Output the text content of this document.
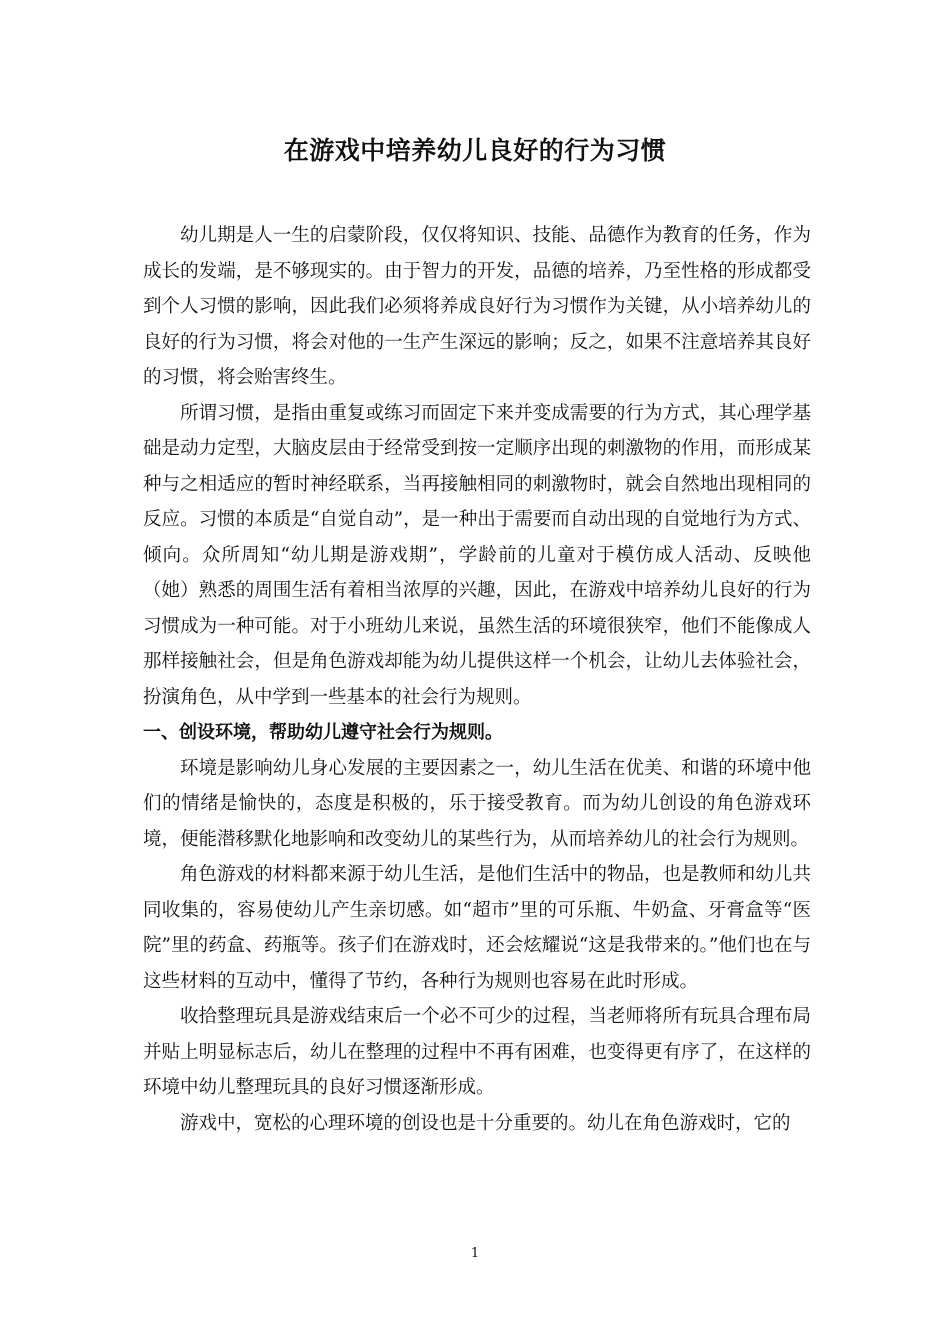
在游戏中培养幼儿良好的行为习惯

幼儿期是人一生的启蒙阶段，仅仅将知识、技能、品德作为教育的任务，作为成长的发端，是不够现实的。由于智力的开发，品德的培养，乃至性格的形成都受到个人习惯的影响，因此我们必须将养成良好行为习惯作为关键，从小培养幼儿的良好的行为习惯，将会对他的一生产生深远的影响；反之，如果不注意培养其良好的习惯，将会贻害终生。

所谓习惯，是指由重复或练习而固定下来并变成需要的行为方式，其心理学基础是动力定型，大脑皮层由于经常受到按一定顺序出现的刺激物的作用，而形成某种与之相适应的暂时神经联系，当再接触相同的刺激物时，就会自然地出现相同的反应。习惯的本质是“自觉自动”，是一种出于需要而自动出现的自觉地行为方式、倾向。众所周知“幼儿期是游戏期”，学龄前的儿童对于模仿成人活动、反映他（她）熟悉的周围生活有着相当浓厚的兴趣，因此，在游戏中培养幼儿良好的行为习惯成为一种可能。对于小班幼儿来说，虽然生活的环境很狭窄，他们不能像成人那样接触社会，但是角色游戏却能为幼儿提供这样一个机会，让幼儿去体验社会，扮演角色，从中学到一些基本的社会行为规则。

一、创设环境，帮助幼儿遵守社会行为规则。

环境是影响幼儿身心发展的主要因素之一，幼儿生活在优美、和谐的环境中他们的情绪是愉快的，态度是积极的，乐于接受教育。而为幼儿创设的角色游戏环境，便能潜移默化地影响和改变幼儿的某些行为，从而培养幼儿的社会行为规则。

角色游戏的材料都来源于幼儿生活，是他们生活中的物品，也是教师和幼儿共同收集的，容易使幼儿产生亲切感。如“超市”里的可乐瓶、牛奶盒、牙膏盒等“医院”里的药盒、药瓶等。孩子们在游戏时，还会炫耀说“这是我带来的。”他们也在与这些材料的互动中，懂得了节约，各种行为规则也容易在此时形成。

收拾整理玩具是游戏结束后一个必不可少的过程，当老师将所有玩具合理布局并贴上明显标志后，幼儿在整理的过程中不再有困难，也变得更有序了，在这样的环境中幼儿整理玩具的良好习惯逐渐形成。

游戏中，宽松的心理环境的创设也是十分重要的。幼儿在角色游戏时，它的

1
